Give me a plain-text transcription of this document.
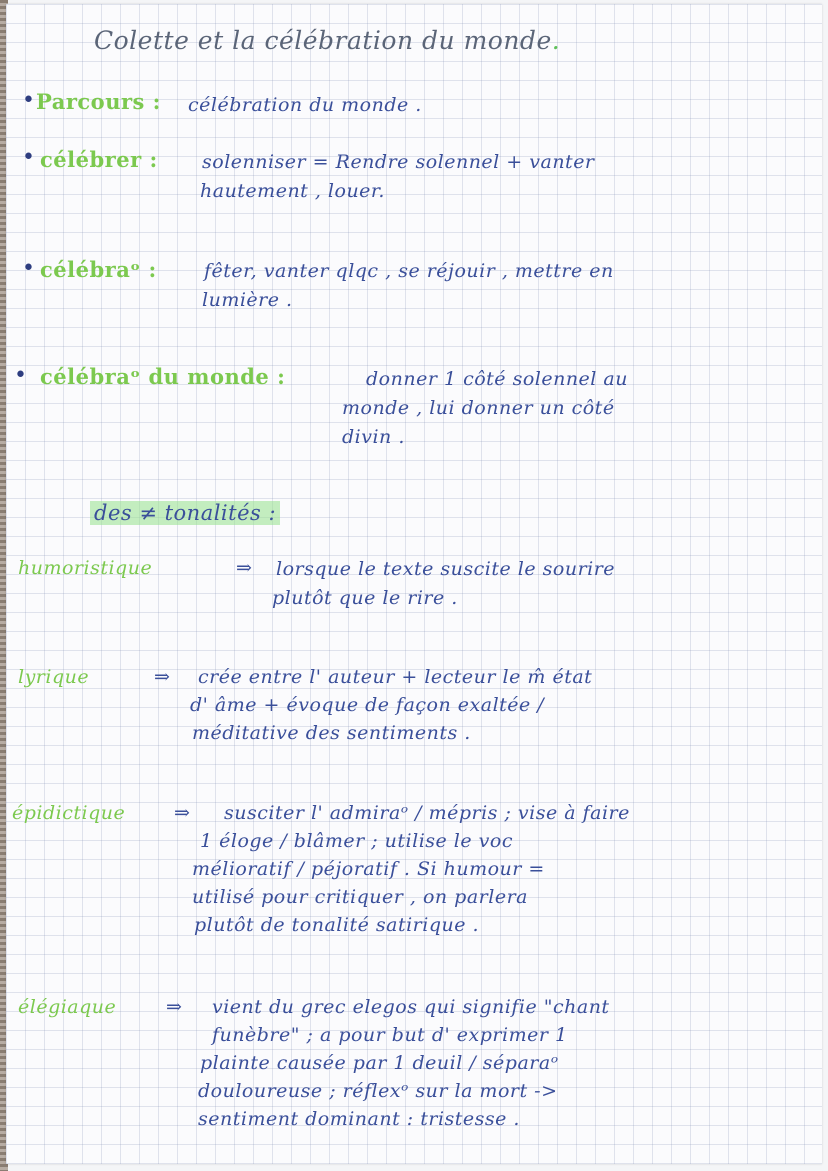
Colette et la célébration du monde.
• Parcours : célébration du monde .
• célébrer : solenniser = Rendre solennel + vanter
hautement , louer.
• célébraᵒ : fêter, vanter qlqc , se réjouir , mettre en
lumière .
• célébraᵒ du monde :	donner 1 côté solennel au
monde , lui donner un côté
divin .
des ≠ tonalités :
humoristique	⇒ lorsque le texte suscite le sourire
plutôt que le rire .
lyrique	⇒ crée entre l' auteur + lecteur le m̂ état
d' âme + évoque de façon exaltée /
méditative des sentiments .
épidictique	⇒ susciter l' admiraᵒ / mépris ; vise à faire
1 éloge / blâmer ; utilise le voc
mélioratif / péjoratif . Si humour =
utilisé pour critiquer , on parlera
plutôt de tonalité satirique .
élégiaque	⇒ vient du grec elegos qui signifie "chant
funèbre" ; a pour but d' exprimer 1
plainte causée par 1 deuil / séparaᵒ
douloureuse ; réflexᵒ sur la mort ->
sentiment dominant : tristesse .
